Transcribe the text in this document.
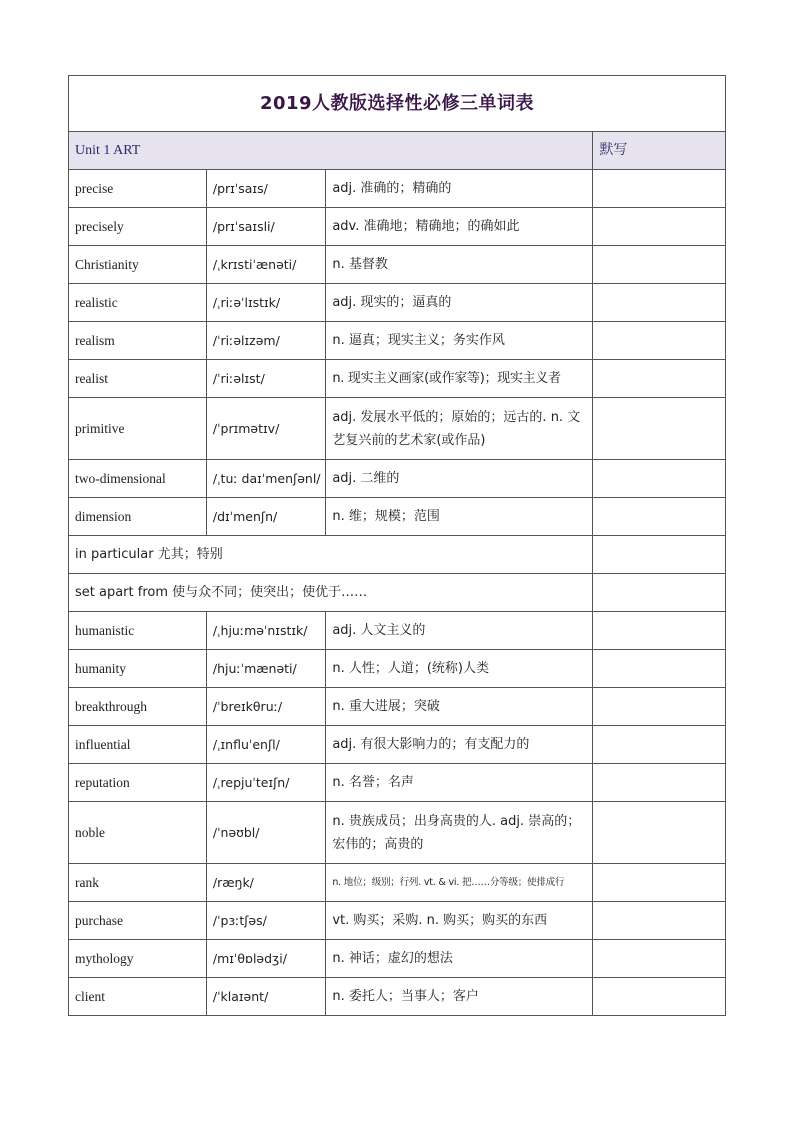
2019人教版选择性必修三单词表			
Unit 1 ART			默写
precise	/prɪˈsaɪs/	adj. 准确的；精确的	
precisely	/prɪˈsaɪsli/	adv. 准确地；精确地；的确如此	
Christianity	/ˌkrɪstiˈænəti/	n. 基督教	
realistic	/ˌriːəˈlɪstɪk/	adj. 现实的；逼真的	
realism	/ˈriːəlɪzəm/	n. 逼真；现实主义；务实作风	
realist	/ˈriːəlɪst/	n. 现实主义画家(或作家等)；现实主义者	
primitive	/ˈprɪmətɪv/	adj. 发展水平低的；原始的；远古的. n. 文艺复兴前的艺术家(或作品)	
two-dimensional	/ˌtuː daɪˈmenʃənl/	adj. 二维的	
dimension	/dɪˈmenʃn/	n. 维；规模；范围	
in particular 尤其；特别			
set apart from 使与众不同；使突出；使优于……			
humanistic	/ˌhjuːməˈnɪstɪk/	adj. 人文主义的	
humanity	/hjuːˈmænəti/	n. 人性；人道；(统称)人类	
breakthrough	/ˈbreɪkθruː/	n. 重大进展；突破	
influential	/ˌɪnfluˈenʃl/	adj. 有很大影响力的；有支配力的	
reputation	/ˌrepjuˈteɪʃn/	n. 名誉；名声	
noble	/ˈnəʊbl/	n. 贵族成员；出身高贵的人. adj. 崇高的；宏伟的；高贵的	
rank	/ræŋk/	n. 地位；级别；行列. vt. & vi. 把……分等级；使排成行	
purchase	/ˈpɜːtʃəs/	vt. 购买；采购. n. 购买；购买的东西	
mythology	/mɪˈθɒlədʒi/	n. 神话；虚幻的想法	
client	/ˈklaɪənt/	n. 委托人；当事人；客户	
